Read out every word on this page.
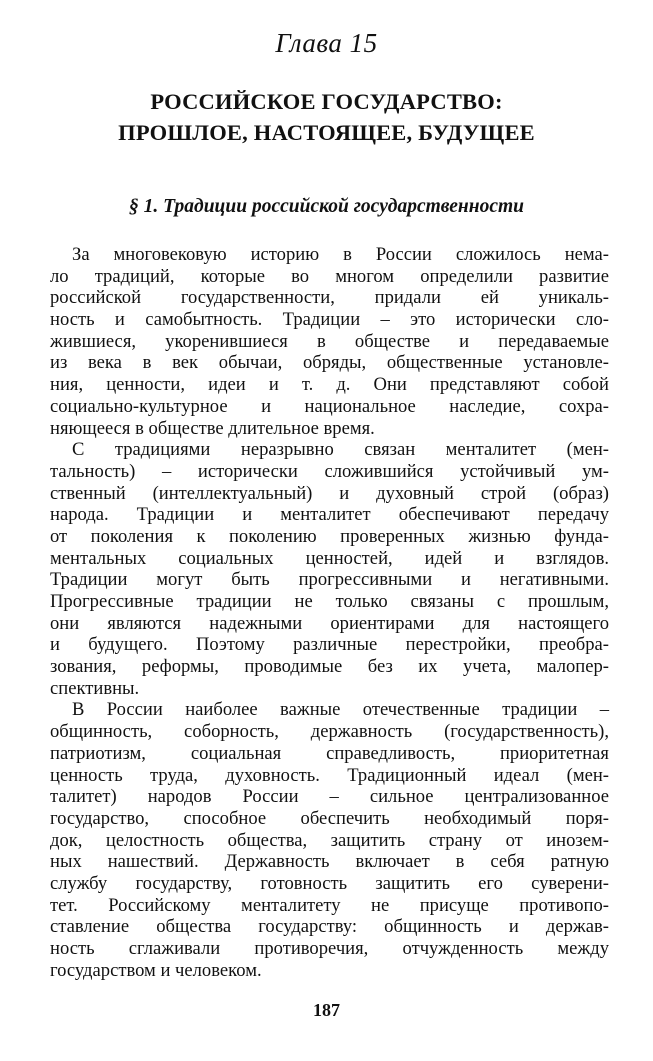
Глава 15
РОССИЙСКОЕ ГОСУДАРСТВО:
ПРОШЛОЕ, НАСТОЯЩЕЕ, БУДУЩЕЕ
§ 1. Традиции российской государственности
За многовековую историю в России сложилось нема-
ло традиций, которые во многом определили развитие
российской государственности, придали ей уникаль-
ность и самобытность. Традиции – это исторически сло-
жившиеся, укоренившиеся в обществе и передаваемые
из века в век обычаи, обряды, общественные установле-
ния, ценности, идеи и т. д. Они представляют собой
социально-культурное и национальное наследие, сохра-
няющееся в обществе длительное время.
С традициями неразрывно связан менталитет (мен-
тальность) – исторически сложившийся устойчивый ум-
ственный (интеллектуальный) и духовный строй (образ)
народа. Традиции и менталитет обеспечивают передачу
от поколения к поколению проверенных жизнью фунда-
ментальных социальных ценностей, идей и взглядов.
Традиции могут быть прогрессивными и негативными.
Прогрессивные традиции не только связаны с прошлым,
они являются надежными ориентирами для настоящего
и будущего. Поэтому различные перестройки, преобра-
зования, реформы, проводимые без их учета, малопер-
спективны.
В России наиболее важные отечественные традиции –
общинность, соборность, державность (государственность),
патриотизм, социальная справедливость, приоритетная
ценность труда, духовность. Традиционный идеал (мен-
талитет) народов России – сильное централизованное
государство, способное обеспечить необходимый поря-
док, целостность общества, защитить страну от инозем-
ных нашествий. Державность включает в себя ратную
службу государству, готовность защитить его суверени-
тет. Российскому менталитету не присуще противопо-
ставление общества государству: общинность и держав-
ность сглаживали противоречия, отчужденность между
государством и человеком.
187
